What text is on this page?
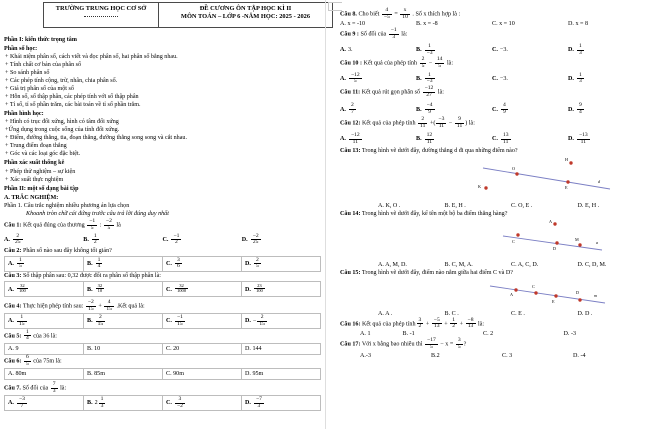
TRƯỜNG TRUNG HỌC CƠ SỞ	ĐỀ CƯƠNG ÔN TẬP HỌC KÌ II
MÔN TOÁN – LỚP 6 -NĂM HỌC: 2025 - 2026

Phần I: kiến thức trọng tâm

Phần số học:

+ Khái niệm phân số, cách viết và đọc phân số, hai phân số bằng nhau.

+ Tính chất cơ bản của phân số

+ So sánh phân số

+ Các phép tính cộng, trừ, nhân, chia phân số.

+ Giá trị phân số của một số

+ Hỗn số, số thập phân, các phép tính với số thập phân

+ Tỉ số, tỉ số phần trăm, các bài toán về tỉ số phần trăm.

Phần hình học:

+ Hình có trục đối xứng, hình có tâm đối xứng

+Ứng dụng trong cuộc sống của tính đối xứng.

+ Điểm, đường thẳng, tia, đoạn thẳng, đường thẳng song song và cắt nhau.

+ Trung điểm đoạn thẳng

+ Góc và các loại góc đặc biệt.

Phần xác suất thống kê

+ Phép thử nghiệm – sự kiện

+ Xác suất thực nghiệm

Phần II: một số dạng bài tập

A. TRẮC NGHIỆM:

Phần 1. Câu trắc nghiệm nhiều phương án lựa chọn

Khoanh tròn chữ cái đứng trước câu trả lời đúng duy nhất

Câu 1: Kết quả đúng của thương $\frac{-1}{5}$ : $\frac{-2}{5}$ là

A. $\frac{2}{25}$	B. $\frac{1}{2}$	C. $\frac{-1}{2}$	D. $\frac{-2}{25}$

Câu 2: Phân số nào sau đây không tối giản?

A. $\frac{1}{5}$	B. $\frac{1}{4}$	C. $\frac{3}{6}$	D. $\frac{2}{5}$

Câu 3: Số thập phân sau: 0,32 được đổi ra phân số thập phân là:

A. $\frac{32}{100}$	B. $\frac{32}{10}$	C. $\frac{32}{1000}$	D. $\frac{23}{100}$

Câu 4: Thực hiện phép tính sau: $\frac{-2}{15} + \frac{4}{15}$ .Kết quả là:

A. $\frac{1}{15}$	B. $\frac{2}{15}$	C. $\frac{-1}{15}$	D. − $\frac{2}{15}$

Câu 5: $\frac{1}{4}$ của 36 là:

A. 9	B. 10	C. 20	D. 144

Câu 6: $\frac{6}{5}$ của 75m là:

A. 80m	B. 85m	C. 90m	D. 95m

Câu 7. Số đối của $\frac{7}{3}$ là:

A. $\frac{-3}{7}$	B. $2 \frac{1}{3}$	C. $\frac{3}{-2}$	D. $\frac{-7}{3}$

Câu 8. Cho biết $\frac{4}{-5} = \frac{x}{10}$ . Số x thích hợp là :

A. x = -10	B. x = -8	C. x = 10	D. x = 8

Câu 9 : Số đối của $\frac{-1}{3}$ là:

A. 3.	B. $\frac{1}{-3}$	C. −3.	D. $\frac{1}{3}$

Câu 10 : Kết quả của phép tính $\frac{2}{5} - \frac{14}{5}$ là:

A. $\frac{-12}{5}$	B. $\frac{1}{-3}$	C. −3.	D. $\frac{1}{3}$

Câu 11: Kết quả rút gọn phân số $\frac{-12}{27}$ là:

A. $\frac{2}{7}$	B. $\frac{-4}{9}$	C. $\frac{4}{9}$	D. $\frac{9}{4}$

Câu 12: Kết quả của phép tính $\frac{2}{11}$ +( $\frac{-3}{11} - \frac{9}{11}$ ) là:

A. $\frac{-12}{11}$	B. $\frac{12}{11}$	C. $\frac{13}{11}$	D. $\frac{-13}{11}$

Câu 13: Trong hình vẽ dưới đây, đường thẳng d đi qua những điểm nào?

O
E
H
K
d
A. K, O .	B. E, H .	C. O, E .	D. E, H .

Câu 14: Trong hình vẽ dưới đây, kể tên một bộ ba điểm thẳng hàng?

C
D
M
A
a
A. A, M, D.	B. C, M, A.	C. A, C, D.	D. C, D, M.

Câu 15: Trong hình vẽ dưới đây, điểm nào nằm giữa hai điểm C và D?

A
C
E
D
m
A. A .	B. C .	C. E .	D. D .

Câu 16: Kết quả của phép tính $\frac{3}{2} + \frac{-5}{13} + \frac{1}{2} + \frac{-8}{13}$ là:

A. 1	B. -1	C. 2	D. -3

Câu 17: Với x bằng bao nhiêu thì $\frac{-17}{5} - x = \frac{3}{5}$ ?

A.-3	B.2	C. 3	D. -4
